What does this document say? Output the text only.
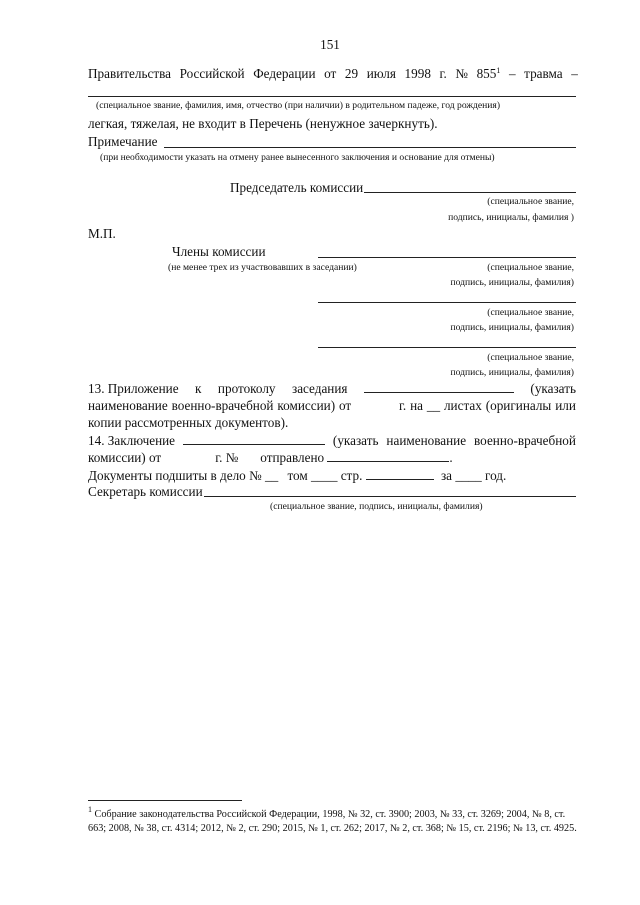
151
Правительства Российской Федерации от 29 июля 1998 г. № $855^1$ – травма –
(специальное звание, фамилия, имя, отчество (при наличии) в родительном падеже, год рождения)
легкая, тяжелая, не входит в Перечень (ненужное зачеркнуть).
Примечание
(при необходимости указать на отмену ранее вынесенного заключения и основание для отмены)
Председатель комиссии
(специальное звание,
подпись, инициалы, фамилия )
М.П.
Члены комиссии
(не менее трех из участвовавших в заседании)	(специальное звание,
подпись, инициалы, фамилия)
(специальное звание,
подпись, инициалы, фамилия)
(специальное звание,
подпись, инициалы, фамилия)
13. Приложение к протоколу заседания	(указать
наименование военно-врачебной комиссии) от	г. на __ листах (оригиналы или
копии рассмотренных документов).
14. Заключение	(указать наименование военно-врачебной
комиссии) от	г. № отправлено	.
Документы подшиты в дело № __ том ____ стр.	за ____ год.
Секретарь комиссии
(специальное звание, подпись, инициалы, фамилия)
$^1$ Собрание законодательства Российской Федерации, 1998, № 32, ст. 3900; 2003, № 33, ст. 3269; 2004, № 8, ст. 663; 2008, № 38, ст. 4314; 2012, № 2, ст. 290; 2015, № 1, ст. 262; 2017, № 2, ст. 368; № 15, ст. 2196; № 13, ст. 4925.
